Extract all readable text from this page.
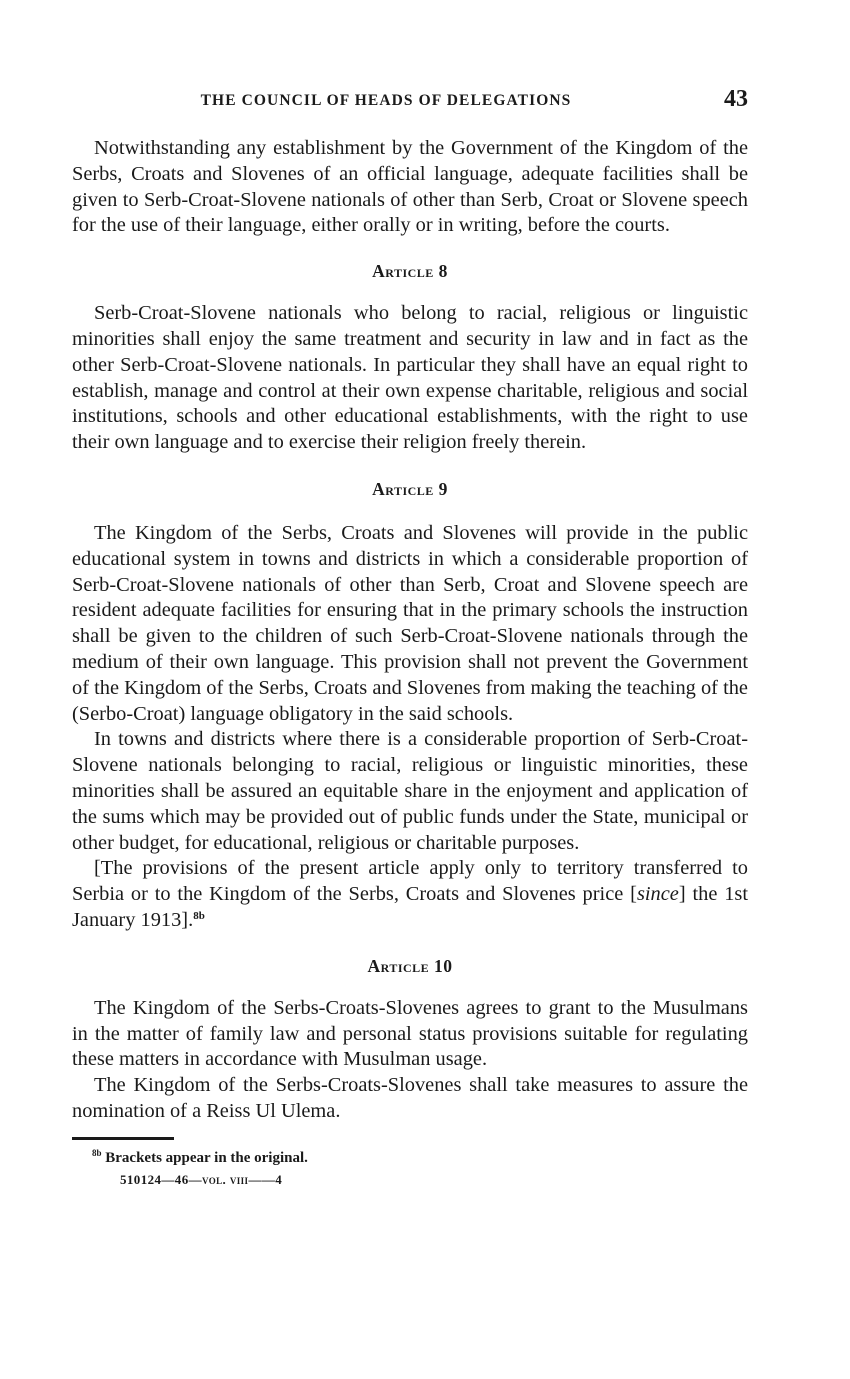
THE COUNCIL OF HEADS OF DELEGATIONS	43

Notwithstanding any establishment by the Government of the Kingdom of the Serbs, Croats and Slovenes of an official language, adequate facilities shall be given to Serb-Croat-Slovene nationals of other than Serb, Croat or Slovene speech for the use of their language, either orally or in writing, before the courts.

Article 8

Serb-Croat-Slovene nationals who belong to racial, religious or linguistic minorities shall enjoy the same treatment and security in law and in fact as the other Serb-Croat-Slovene nationals. In particular they shall have an equal right to establish, manage and control at their own expense charitable, religious and social institutions, schools and other educational establishments, with the right to use their own language and to exercise their religion freely therein.

Article 9

The Kingdom of the Serbs, Croats and Slovenes will provide in the public educational system in towns and districts in which a considerable proportion of Serb-Croat-Slovene nationals of other than Serb, Croat and Slovene speech are resident adequate facilities for ensuring that in the primary schools the instruction shall be given to the children of such Serb-Croat-Slovene nationals through the medium of their own language. This provision shall not prevent the Government of the Kingdom of the Serbs, Croats and Slovenes from making the teaching of the (Serbo-Croat) language obligatory in the said schools.

In towns and districts where there is a considerable proportion of Serb-Croat-Slovene nationals belonging to racial, religious or linguistic minorities, these minorities shall be assured an equitable share in the enjoyment and application of the sums which may be provided out of public funds under the State, municipal or other budget, for educational, religious or charitable purposes.

[The provisions of the present article apply only to territory transferred to Serbia or to the Kingdom of the Serbs, Croats and Slovenes price [since] the 1st January 1913].$^{8b}$

Article 10

The Kingdom of the Serbs-Croats-Slovenes agrees to grant to the Musulmans in the matter of family law and personal status provisions suitable for regulating these matters in accordance with Musulman usage.

The Kingdom of the Serbs-Croats-Slovenes shall take measures to assure the nomination of a Reiss Ul Ulema.

$^{8b}$ Brackets appear in the original.
510124—46—vol. viii——4
